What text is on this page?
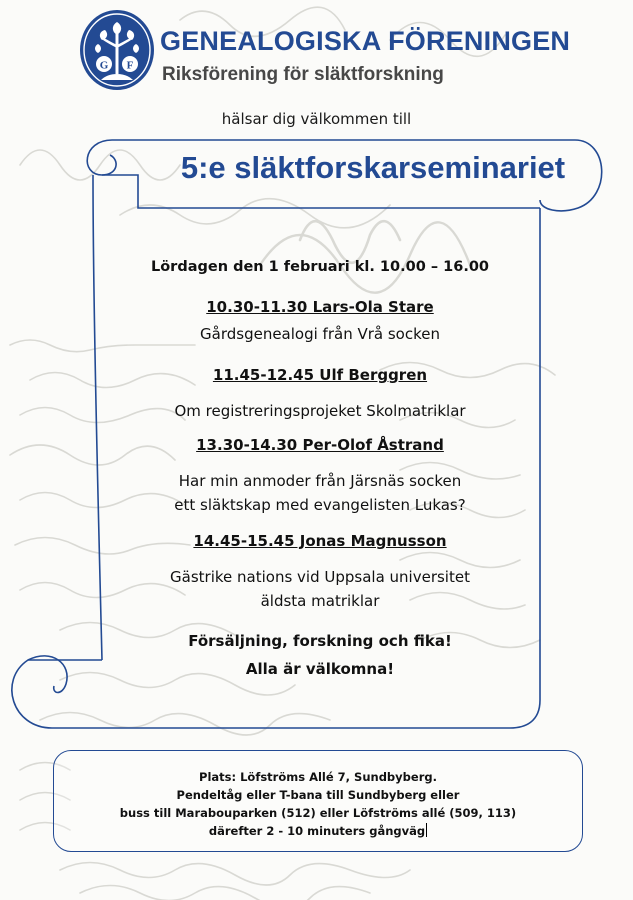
G F
GENEALOGISKA FÖRENINGEN
Riksförening för släktforskning
hälsar dig välkommen till
5:e släktforskarseminariet
Lördagen den 1 februari kl. 10.00 – 16.00
10.30-11.30 Lars-Ola Stare
Gårdsgenealogi från Vrå socken
11.45-12.45 Ulf Berggren
Om registreringsprojeket Skolmatriklar
13.30-14.30 Per-Olof Åstrand
Har min anmoder från Järsnäs socken
ett släktskap med evangelisten Lukas?
14.45-15.45 Jonas Magnusson
Gästrike nations vid Uppsala universitet
äldsta matriklar
Försäljning, forskning och fika!
Alla är välkomna!
Plats: Löfströms Allé 7, Sundbyberg.
Pendeltåg eller T-bana till Sundbyberg eller
buss till Marabouparken (512) eller Löfströms allé (509, 113)
därefter 2 - 10 minuters gångväg
